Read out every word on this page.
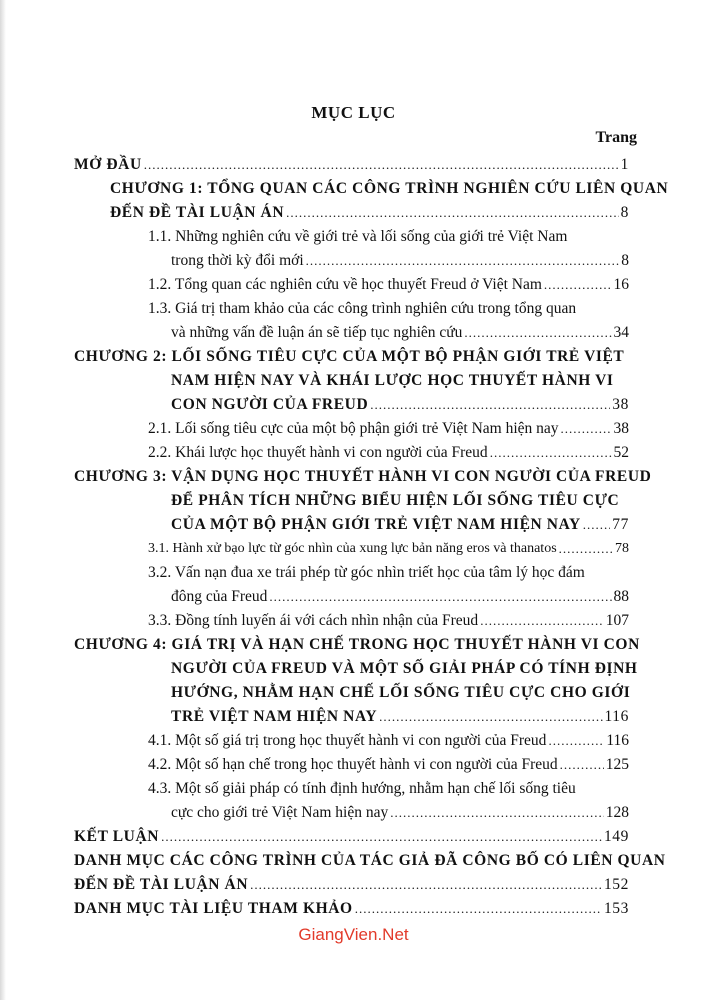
MỤC LỤC
Trang
MỞ ĐẦU .....	1
CHƯƠNG 1: TỔNG QUAN CÁC CÔNG TRÌNH NGHIÊN CỨU LIÊN QUAN
ĐẾN ĐỀ TÀI LUẬN ÁN .....	8
1.1. Những nghiên cứu về giới trẻ và lối sống của giới trẻ Việt Nam
trong thời kỳ đổi mới .....	8
1.2. Tổng quan các nghiên cứu về học thuyết Freud ở Việt Nam .....	16
1.3. Giá trị tham khảo của các công trình nghiên cứu trong tổng quan
và những vấn đề luận án sẽ tiếp tục nghiên cứu .....	34
CHƯƠNG 2: LỐI SỐNG TIÊU CỰC CỦA MỘT BỘ PHẬN GIỚI TRẺ VIỆT
NAM HIỆN NAY VÀ KHÁI LƯỢC HỌC THUYẾT HÀNH VI
CON NGƯỜI CỦA FREUD .....	38
2.1. Lối sống tiêu cực của một bộ phận giới trẻ Việt Nam hiện nay .....	38
2.2. Khái lược học thuyết hành vi con người của Freud .....	52
CHƯƠNG 3: VẬN DỤNG HỌC THUYẾT HÀNH VI CON NGƯỜI CỦA FREUD
ĐỂ PHÂN TÍCH NHỮNG BIỂU HIỆN LỐI SỐNG TIÊU CỰC
CỦA MỘT BỘ PHẬN GIỚI TRẺ VIỆT NAM HIỆN NAY ..... 77
3.1. Hành xử bạo lực từ góc nhìn của xung lực bản năng eros và thanatos .....	78
3.2. Vấn nạn đua xe trái phép từ góc nhìn triết học của tâm lý học đám
đông của Freud .....	88
3.3. Đồng tính luyến ái với cách nhìn nhận của Freud .....	107
CHƯƠNG 4: GIÁ TRỊ VÀ HẠN CHẾ TRONG HỌC THUYẾT HÀNH VI CON
NGƯỜI CỦA FREUD VÀ MỘT SỐ GIẢI PHÁP CÓ TÍNH ĐỊNH
HƯỚNG, NHẰM HẠN CHẾ LỐI SỐNG TIÊU CỰC CHO GIỚI
TRẺ VIỆT NAM HIỆN NAY .....	116
4.1. Một số giá trị trong học thuyết hành vi con người của Freud .....	116
4.2. Một số hạn chế trong học thuyết hành vi con người của Freud .....	125
4.3. Một số giải pháp có tính định hướng, nhằm hạn chế lối sống tiêu
cực cho giới trẻ Việt Nam hiện nay .....	128
KẾT LUẬN .....	149
DANH MỤC CÁC CÔNG TRÌNH CỦA TÁC GIẢ ĐÃ CÔNG BỐ CÓ LIÊN QUAN
ĐẾN ĐỀ TÀI LUẬN ÁN .....	152
DANH MỤC TÀI LIỆU THAM KHẢO .....	153
GiangVien.Net
